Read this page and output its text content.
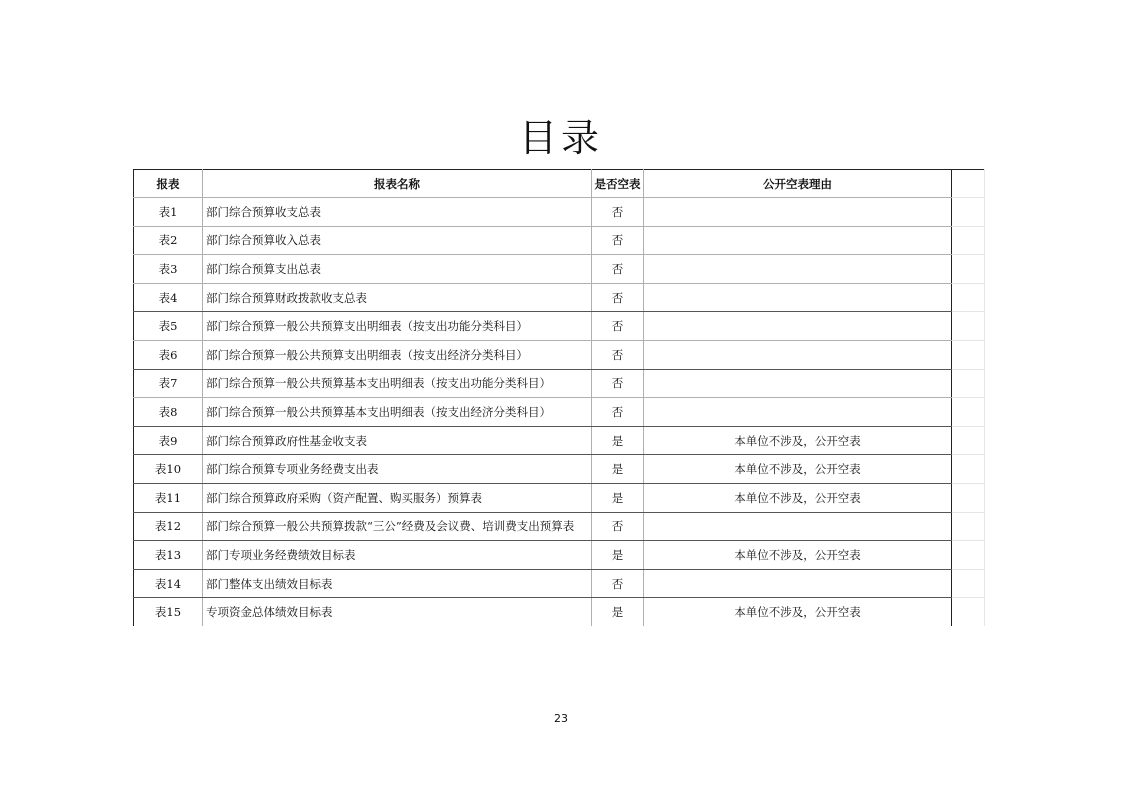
目录
报表	报表名称	是否空表	公开空表理由	
表1	部门综合预算收支总表	否		
表2	部门综合预算收入总表	否		
表3	部门综合预算支出总表	否		
表4	部门综合预算财政拨款收支总表	否		
表5	部门综合预算一般公共预算支出明细表（按支出功能分类科目）	否		
表6	部门综合预算一般公共预算支出明细表（按支出经济分类科目）	否		
表7	部门综合预算一般公共预算基本支出明细表（按支出功能分类科目）	否		
表8	部门综合预算一般公共预算基本支出明细表（按支出经济分类科目）	否		
表9	部门综合预算政府性基金收支表	是	本单位不涉及，公开空表	
表10	部门综合预算专项业务经费支出表	是	本单位不涉及，公开空表	
表11	部门综合预算政府采购（资产配置、购买服务）预算表	是	本单位不涉及，公开空表	
表12	部门综合预算一般公共预算拨款“三公”经费及会议费、培训费支出预算表	否		
表13	部门专项业务经费绩效目标表	是	本单位不涉及，公开空表	
表14	部门整体支出绩效目标表	否		
表15	专项资金总体绩效目标表	是	本单位不涉及，公开空表	
23
